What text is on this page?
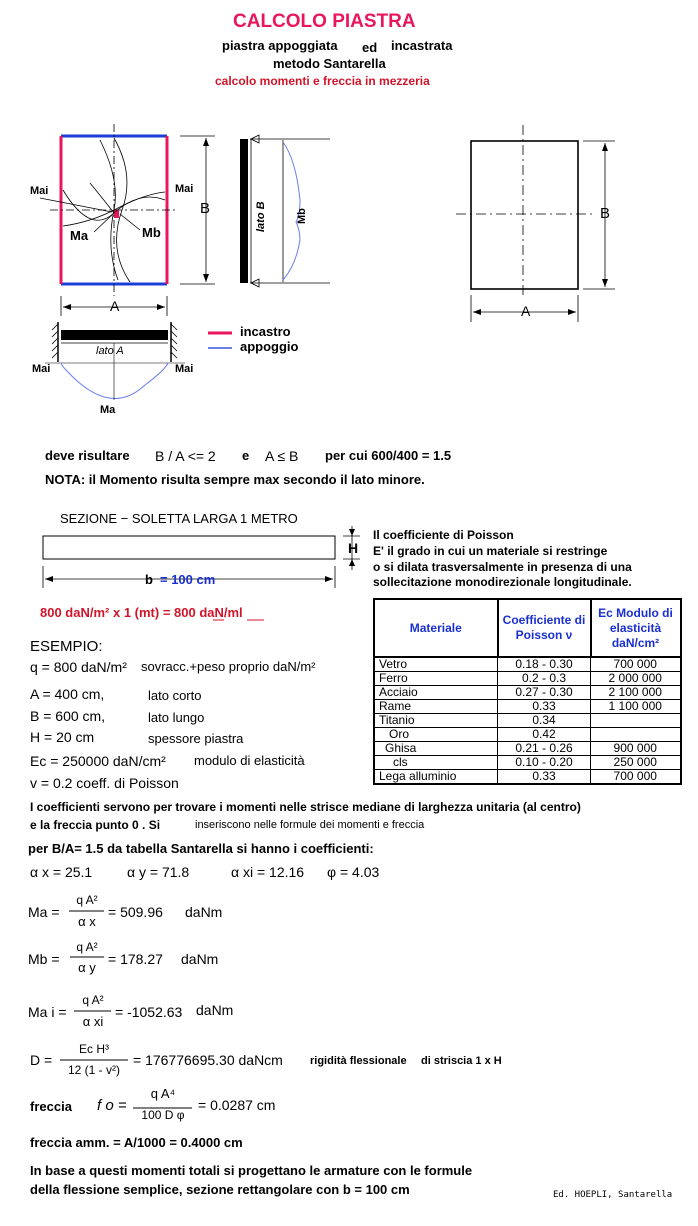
CALCOLO PIASTRA
piastra appoggiata ed incastrata
metodo Santarella
calcolo momenti e freccia in mezzeria
Mai	Mai
Ma	Mb
B
A
lato B	Mb
lato A
Mai	Mai
Ma
incastro
appoggio
B
A
deve risultare B / A <= 2 e A ≤ B per cui 600/400 = 1.5
NOTA: il Momento risulta sempre max secondo il lato minore.
SEZIONE − SOLETTA LARGA 1 METRO
H
b = 100 cm
800 daN/m² x 1 (mt) = 800 daN/ml
Il coefficiente di Poisson
E' il grado in cui un materiale si restringe
o si dilata trasversalmente in presenza di una
sollecitazione monodirezionale longitudinale.
Materiale	Coefficiente di Poisson ν	Ec Modulo di elasticità daN/cm²
Vetro	0.18 - 0.30	700 000
Ferro	0.2 - 0.3	2 000 000
Acciaio	0.27 - 0.30	2 100 000
Rame	0.33	1 100 000
Titanio	0.34	
Oro	0.42	
Ghisa	0.21 - 0.26	900 000
cls	0.10 - 0.20	250 000
Lega alluminio	0.33	700 000
ESEMPIO:
q = 800 daN/m² sovracc.+peso proprio daN/m²
A = 400 cm,	lato corto
B = 600 cm,	lato lungo
H = 20 cm	spessore piastra
Ec = 250000 daN/cm² modulo di elasticità
v = 0.2 coeff. di Poisson
I coefficienti servono per trovare i momenti nelle strisce mediane di larghezza unitaria (al centro)
e la freccia punto 0 . Si	inseriscono nelle formule dei momenti e freccia
per B/A= 1.5 da tabella Santarella si hanno i coefficienti:
α x = 25.1 α y = 71.8	α xi = 12.16 φ = 4.03
Ma =
q A²
α x
= 509.96 daNm
Mb =
q A²
α y
= 178.27 daNm
Ma i =
q A²
α xi
= -1052.63 daNm
D =
Ec H³
12 (1 - v²)
= 176776695.30 daNcm rigidità flessionale di striscia 1 x H
freccia f o =
q A⁴
100 D φ
= 0.0287 cm
freccia amm. = A/1000 = 0.4000 cm
In base a questi momenti totali si progettano le armature con le formule
della flessione semplice, sezione rettangolare con b = 100 cm	Ed. HOEPLI, Santarella
